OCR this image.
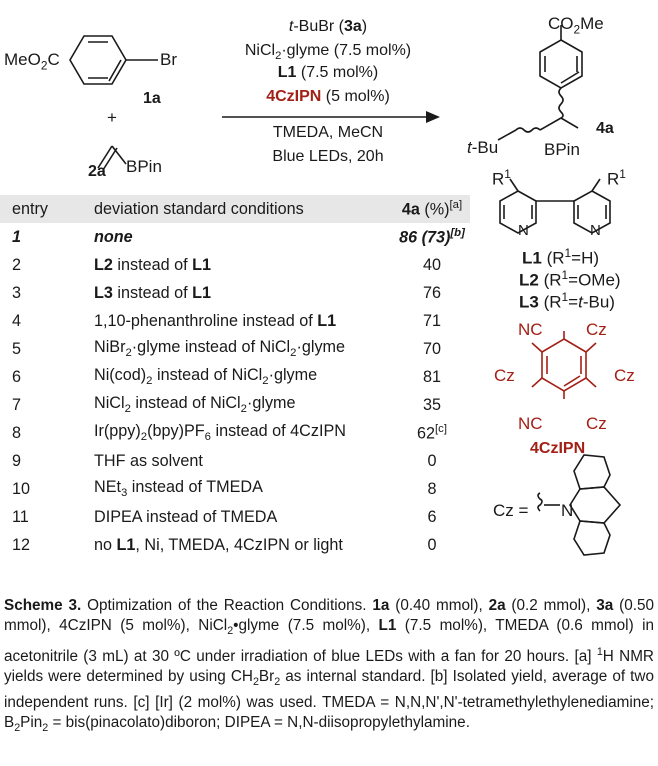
MeO$_2$C	Br
1a
+
BPin
2a
t-BuBr (3a)
NiCl$_2$·glyme (7.5 mol%)
L1 (7.5 mol%)
4CzIPN (5 mol%)
TMEDA, MeCN
Blue LEDs, 20h
$CO_2Me$
t-Bu	BPin
4a
entry	deviation standard conditions	4a (%)[a]
1	none	86 (73)[b]
2	L2 instead of L1	40
3	L3 instead of L1	76
4	1,10-phenanthroline instead of L1	71
5	NiBr$_2$·glyme instead of NiCl$_2$·glyme	70
6	$Ni(cod)_2$ instead of NiCl$_2$·glyme	81
7	NiCl$_2$ instead of NiCl$_2$·glyme	35
8	$Ir(ppy)_2(bpy)PF_6$ instead of 4CzIPN	62[c]
9	THF as solvent	0
10	NEt$_3$ instead of TMEDA	8
11	DIPEA instead of TMEDA	6
12	no L1, Ni, TMEDA, 4CzIPN or light	0
$R^1$	$R^1$
N	N
L1 $(R^1=H)$
L2 $(R^1=OMe)$
L3 $(R^1=t-Bu)$
NC	Cz
Cz	Cz
NC	Cz
4CzIPN
Cz = N
Scheme 3. Optimization of the Reaction Conditions. 1a (0.40 mmol), 2a (0.2 mmol), 3a (0.50 mmol), 4CzIPN (5 mol%), NiCl$_2$•glyme (7.5 mol%), L1 (7.5 mol%), TMEDA (0.6 mmol) in acetonitrile (3 mL) at 30 ºC under irradiation of blue LEDs with a fan for 20 hours. [a] $^1$H NMR yields were determined by using $CH_2Br_2$ as internal standard. [b] Isolated yield, average of two independent runs. [c] [Ir] (2 mol%) was used. TMEDA = N,N,N',N'-tetramethylethylenediamine; $B_2Pin_2$ = bis(pinacolato)diboron; DIPEA = N,N-diisopropylethylamine.
